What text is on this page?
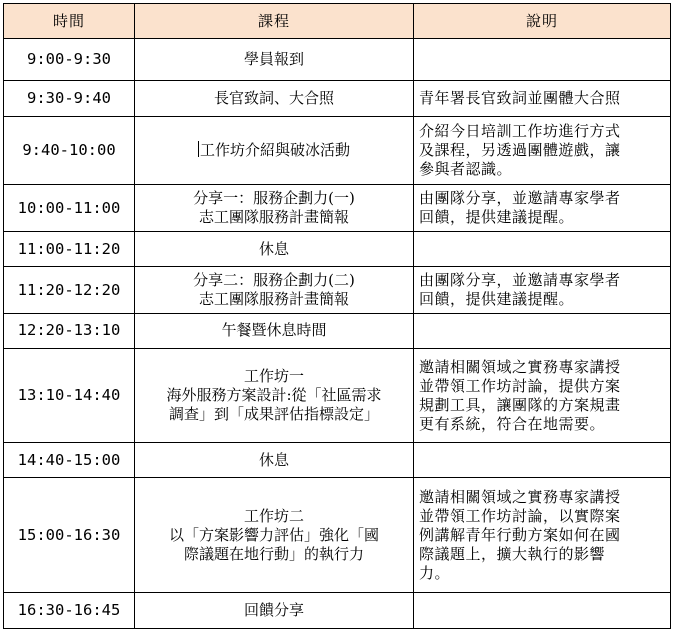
時間	課程	說明
9:00-9:30	學員報到	

9:30-9:40	長官致詞、大合照	青年署長官致詞並團體大合照

9:40-10:00	工作坊介紹與破冰活動	介紹今日培訓工作坊進行方式
及課程，另透過團體遊戲，讓
參與者認識。

10:00-11:00	分享一：服務企劃力(一)
志工團隊服務計畫簡報	由團隊分享，並邀請專家學者
回饋，提供建議提醒。

11:00-11:20	休息	

11:20-12:20	分享二：服務企劃力(二)
志工團隊服務計畫簡報	由團隊分享，並邀請專家學者
回饋，提供建議提醒。

12:20-13:10	午餐暨休息時間	

13:10-14:40	工作坊一
海外服務方案設計:從「社區需求
調查」到「成果評估指標設定」	邀請相關領域之實務專家講授
並帶領工作坊討論，提供方案
規劃工具，讓團隊的方案規畫
更有系統，符合在地需要。

14:40-15:00	休息	

15:00-16:30	工作坊二
以「方案影響力評估」強化「國
際議題在地行動」的執行力	邀請相關領域之實務專家講授
並帶領工作坊討論，以實際案
例講解青年行動方案如何在國
際議題上，擴大執行的影響
力。

16:30-16:45	回饋分享	
